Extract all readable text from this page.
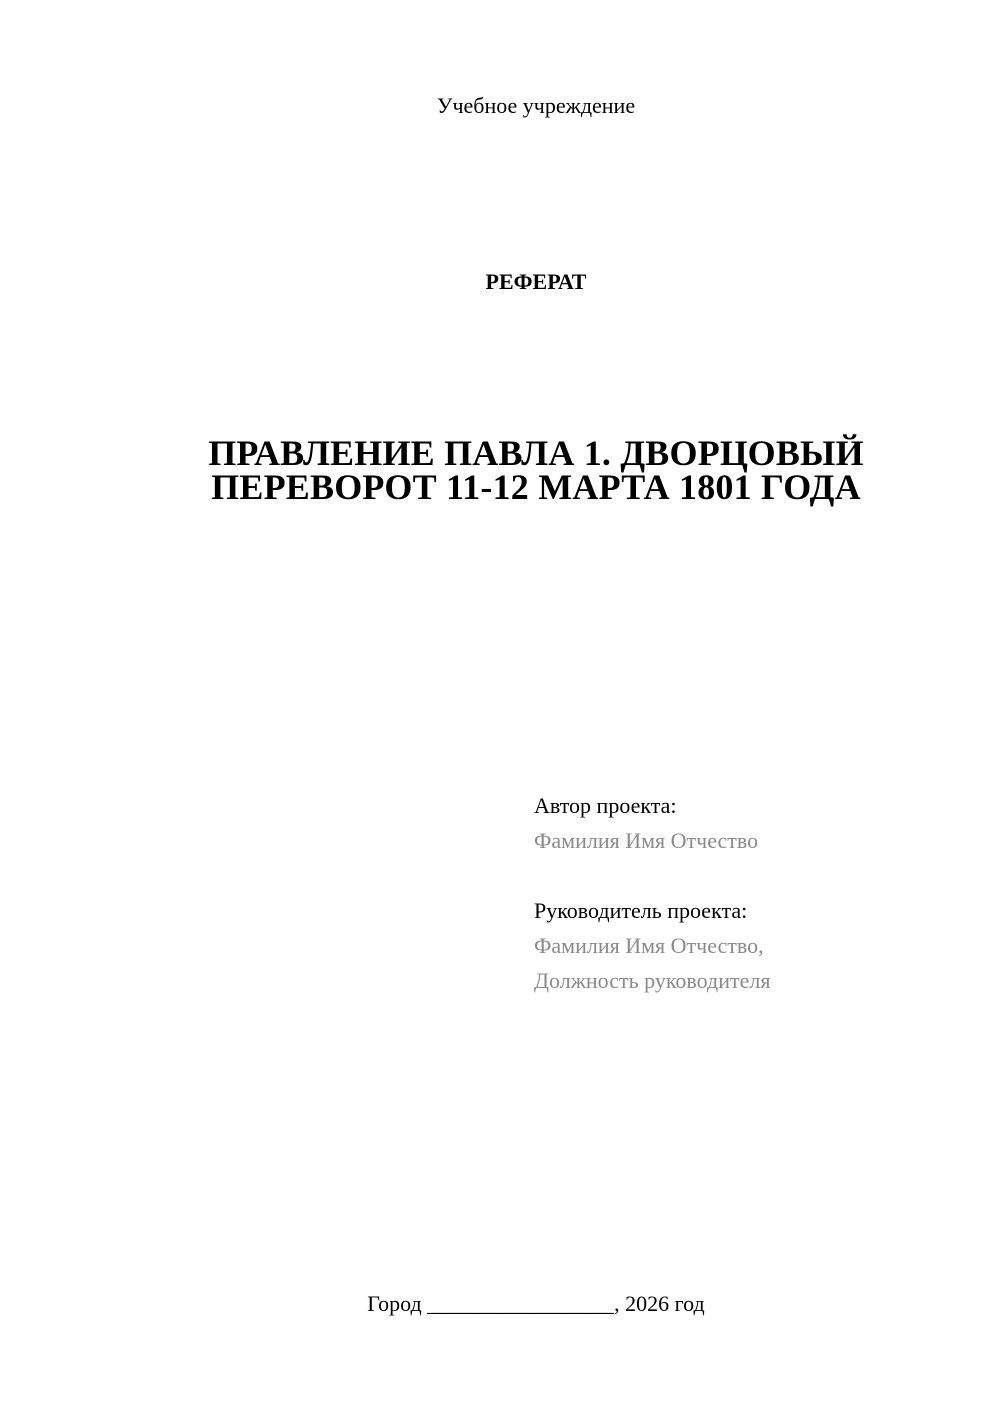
Учебное учреждение
РЕФЕРАТ
ПРАВЛЕНИЕ ПАВЛА 1. ДВОРЦОВЫЙ
ПЕРЕВОРОТ 11-12 МАРТА 1801 ГОДА
Автор проекта:
Фамилия Имя Отчество
Руководитель проекта:
Фамилия Имя Отчество,
Должность руководителя
Город _________________, 2026 год
